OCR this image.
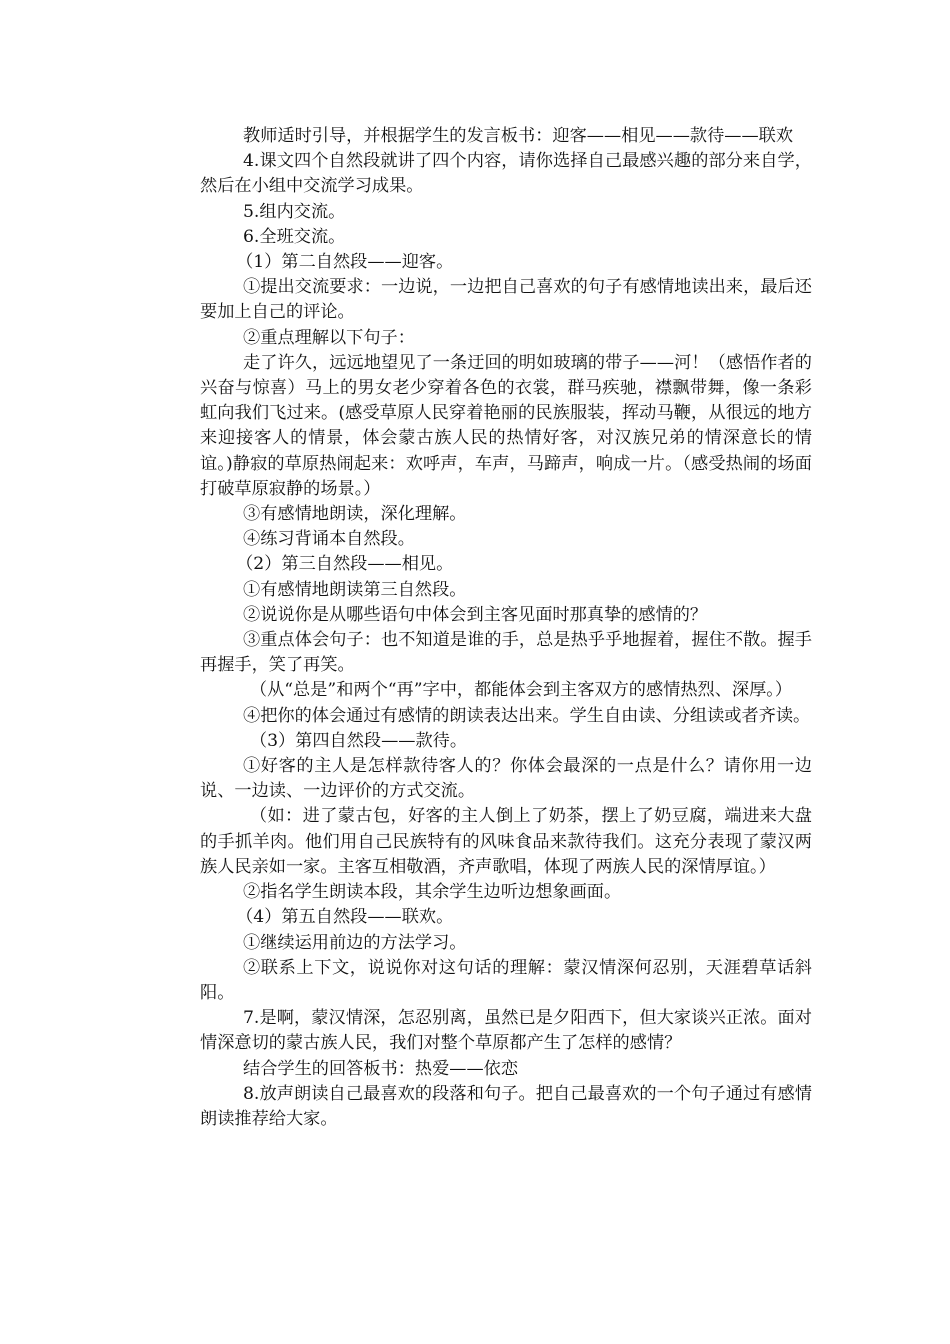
教师适时引导，并根据学生的发言板书：迎客——相见——款待——联欢

4.课文四个自然段就讲了四个内容，请你选择自己最感兴趣的部分来自学，然后在小组中交流学习成果。

5.组内交流。

6.全班交流。

（1）第二自然段——迎客。

①提出交流要求：一边说，一边把自己喜欢的句子有感情地读出来，最后还要加上自己的评论。

②重点理解以下句子：

走了许久，远远地望见了一条迂回的明如玻璃的带子——河！（感悟作者的兴奋与惊喜）马上的男女老少穿着各色的衣裳，群马疾驰，襟飘带舞，像一条彩虹向我们飞过来。(感受草原人民穿着艳丽的民族服装，挥动马鞭，从很远的地方来迎接客人的情景，体会蒙古族人民的热情好客，对汉族兄弟的情深意长的情谊。)静寂的草原热闹起来：欢呼声，车声，马蹄声，响成一片。（感受热闹的场面打破草原寂静的场景。）

③有感情地朗读，深化理解。

④练习背诵本自然段。

（2）第三自然段——相见。

①有感情地朗读第三自然段。

②说说你是从哪些语句中体会到主客见面时那真挚的感情的？

③重点体会句子：也不知道是谁的手，总是热乎乎地握着，握住不散。握手再握手，笑了再笑。

（从“总是”和两个“再”字中，都能体会到主客双方的感情热烈、深厚。）

④把你的体会通过有感情的朗读表达出来。学生自由读、分组读或者齐读。

（3）第四自然段——款待。

①好客的主人是怎样款待客人的？你体会最深的一点是什么？请你用一边说、一边读、一边评价的方式交流。

（如：进了蒙古包，好客的主人倒上了奶茶，摆上了奶豆腐，端进来大盘的手抓羊肉。他们用自己民族特有的风味食品来款待我们。这充分表现了蒙汉两族人民亲如一家。主客互相敬酒，齐声歌唱，体现了两族人民的深情厚谊。）

②指名学生朗读本段，其余学生边听边想象画面。

（4）第五自然段——联欢。

①继续运用前边的方法学习。

②联系上下文，说说你对这句话的理解：蒙汉情深何忍别，天涯碧草话斜阳。

7.是啊，蒙汉情深，怎忍别离，虽然已是夕阳西下，但大家谈兴正浓。面对情深意切的蒙古族人民，我们对整个草原都产生了怎样的感情？

结合学生的回答板书：热爱——依恋

8.放声朗读自己最喜欢的段落和句子。把自己最喜欢的一个句子通过有感情朗读推荐给大家。
